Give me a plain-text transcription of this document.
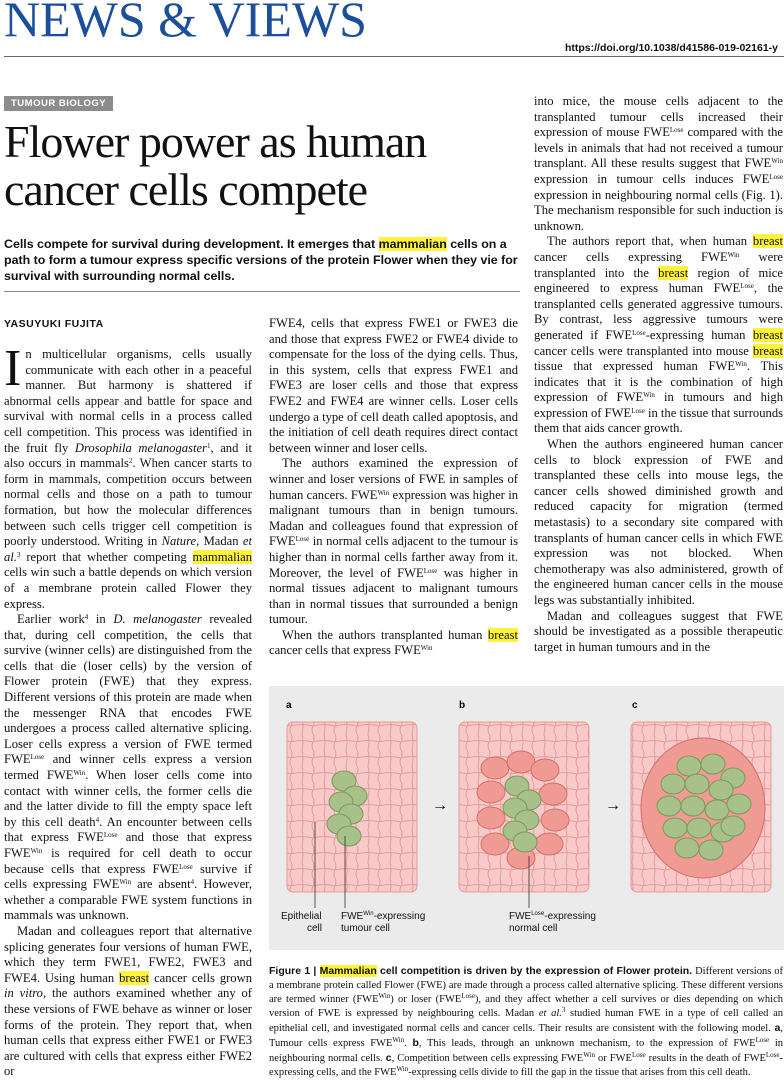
NEWS & VIEWS
https://doi.org/10.1038/d41586-019-02161-y
TUMOUR BIOLOGY
Flower power as human cancer cells compete
Cells compete for survival during development. It emerges that mammalian cells on a path to form a tumour express specific versions of the protein Flower when they vie for survival with surrounding normal cells.
YASUYUKI FUJITA

In multicellular organisms, cells usually communicate with each other in a peaceful manner. But harmony is shattered if abnormal cells appear and battle for space and survival with normal cells in a process called cell competition. This process was identified in the fruit fly Drosophila melanogaster$^1$, and it also occurs in mammals$^2$. When cancer starts to form in mammals, competition occurs between normal cells and those on a path to tumour formation, but how the molecular differences between such cells trigger cell competition is poorly understood. Writing in Nature, Madan et al.$^3$ report that whether competing mammalian cells win such a battle depends on which version of a membrane protein called Flower they express.

Earlier work$^4$ in D. melanogaster revealed that, during cell competition, the cells that survive (winner cells) are distinguished from the cells that die (loser cells) by the version of Flower protein (FWE) that they express. Different versions of this protein are made when the messenger RNA that encodes FWE undergoes a process called alternative splicing. Loser cells express a version of FWE termed $FWE^{Lose}$ and winner cells express a version termed $FWE^{Win}$. When loser cells come into contact with winner cells, the former cells die and the latter divide to fill the empty space left by this cell death$^4$. An encounter between cells that express $FWE^{Lose}$ and those that express $FWE^{Win}$ is required for cell death to occur because cells that express $FWE^{Lose}$ survive if cells expressing $FWE^{Win}$ are absent$^4$. However, whether a comparable FWE system functions in mammals was unknown.

Madan and colleagues report that alternative splicing generates four versions of human FWE, which they term FWE1, FWE2, FWE3 and FWE4. Using human breast cancer cells grown in vitro, the authors examined whether any of these versions of FWE behave as winner or loser forms of the protein. They report that, when human cells that express either FWE1 or FWE3 are cultured with cells that express either FWE2 or

FWE4, cells that express FWE1 or FWE3 die and those that express FWE2 or FWE4 divide to compensate for the loss of the dying cells. Thus, in this system, cells that express FWE1 and FWE3 are loser cells and those that express FWE2 and FWE4 are winner cells. Loser cells undergo a type of cell death called apoptosis, and the initiation of cell death requires direct contact between winner and loser cells.

The authors examined the expression of winner and loser versions of FWE in samples of human cancers. $FWE^{Win}$ expression was higher in malignant tumours than in benign tumours. Madan and colleagues found that expression of $FWE^{Lose}$ in normal cells adjacent to the tumour is higher than in normal cells farther away from it. Moreover, the level of $FWE^{Lose}$ was higher in normal tissues adjacent to malignant tumours than in normal tissues that surrounded a benign tumour.

When the authors transplanted human breast cancer cells that express $FWE^{Win}$

into mice, the mouse cells adjacent to the transplanted tumour cells increased their expression of mouse $FWE^{Lose}$ compared with the levels in animals that had not received a tumour transplant. All these results suggest that $FWE^{Win}$ expression in tumour cells induces $FWE^{Lose}$ expression in neighbouring normal cells (Fig. 1). The mechanism responsible for such induction is unknown.

The authors report that, when human breast cancer cells expressing $FWE^{Win}$ were transplanted into the breast region of mice engineered to express human $FWE^{Lose}$, the transplanted cells generated aggressive tumours. By contrast, less aggressive tumours were generated if $FWE^{Lose}$-expressing human breast cancer cells were transplanted into mouse breast tissue that expressed human $FWE^{Win}$. This indicates that it is the combination of high expression of $FWE^{Win}$ in tumours and high expression of $FWE^{Lose}$ in the tissue that surrounds them that aids cancer growth.

When the authors engineered human cancer cells to block expression of FWE and transplanted these cells into mouse legs, the cancer cells showed diminished growth and reduced capacity for migration (termed metastasis) to a secondary site compared with transplants of human cancer cells in which FWE expression was not blocked. When chemotherapy was also administered, growth of the engineered human cancer cells in the mouse legs was substantially inhibited.

Madan and colleagues suggest that FWE should be investigated as a possible therapeutic target in human tumours and in the

a
→
b
→
c
Epithelial
cell
$FWE^{Win}$-expressing
tumour cell
$FWE^{Lose}$-expressing
normal cell
Figure 1 | Mammalian cell competition is driven by the expression of Flower protein. Different versions of a membrane protein called Flower (FWE) are made through a process called alternative splicing. These different versions are termed winner $(FWE^{Win})$ or loser $(FWE^{Lose})$, and they affect whether a cell survives or dies depending on which version of FWE is expressed by neighbouring cells. Madan et al.$^3$ studied human FWE in a type of cell called an epithelial cell, and investigated normal cells and cancer cells. Their results are consistent with the following model. a, Tumour cells express $FWE^{Win}$. b, This leads, through an unknown mechanism, to the expression of $FWE^{Lose}$ in neighbouring normal cells. c, Competition between cells expressing $FWE^{Win}$ or $FWE^{Lose}$ results in the death of $FWE^{Lose}$-expressing cells, and the $FWE^{Win}$-expressing cells divide to fill the gap in the tissue that arises from this cell death.
